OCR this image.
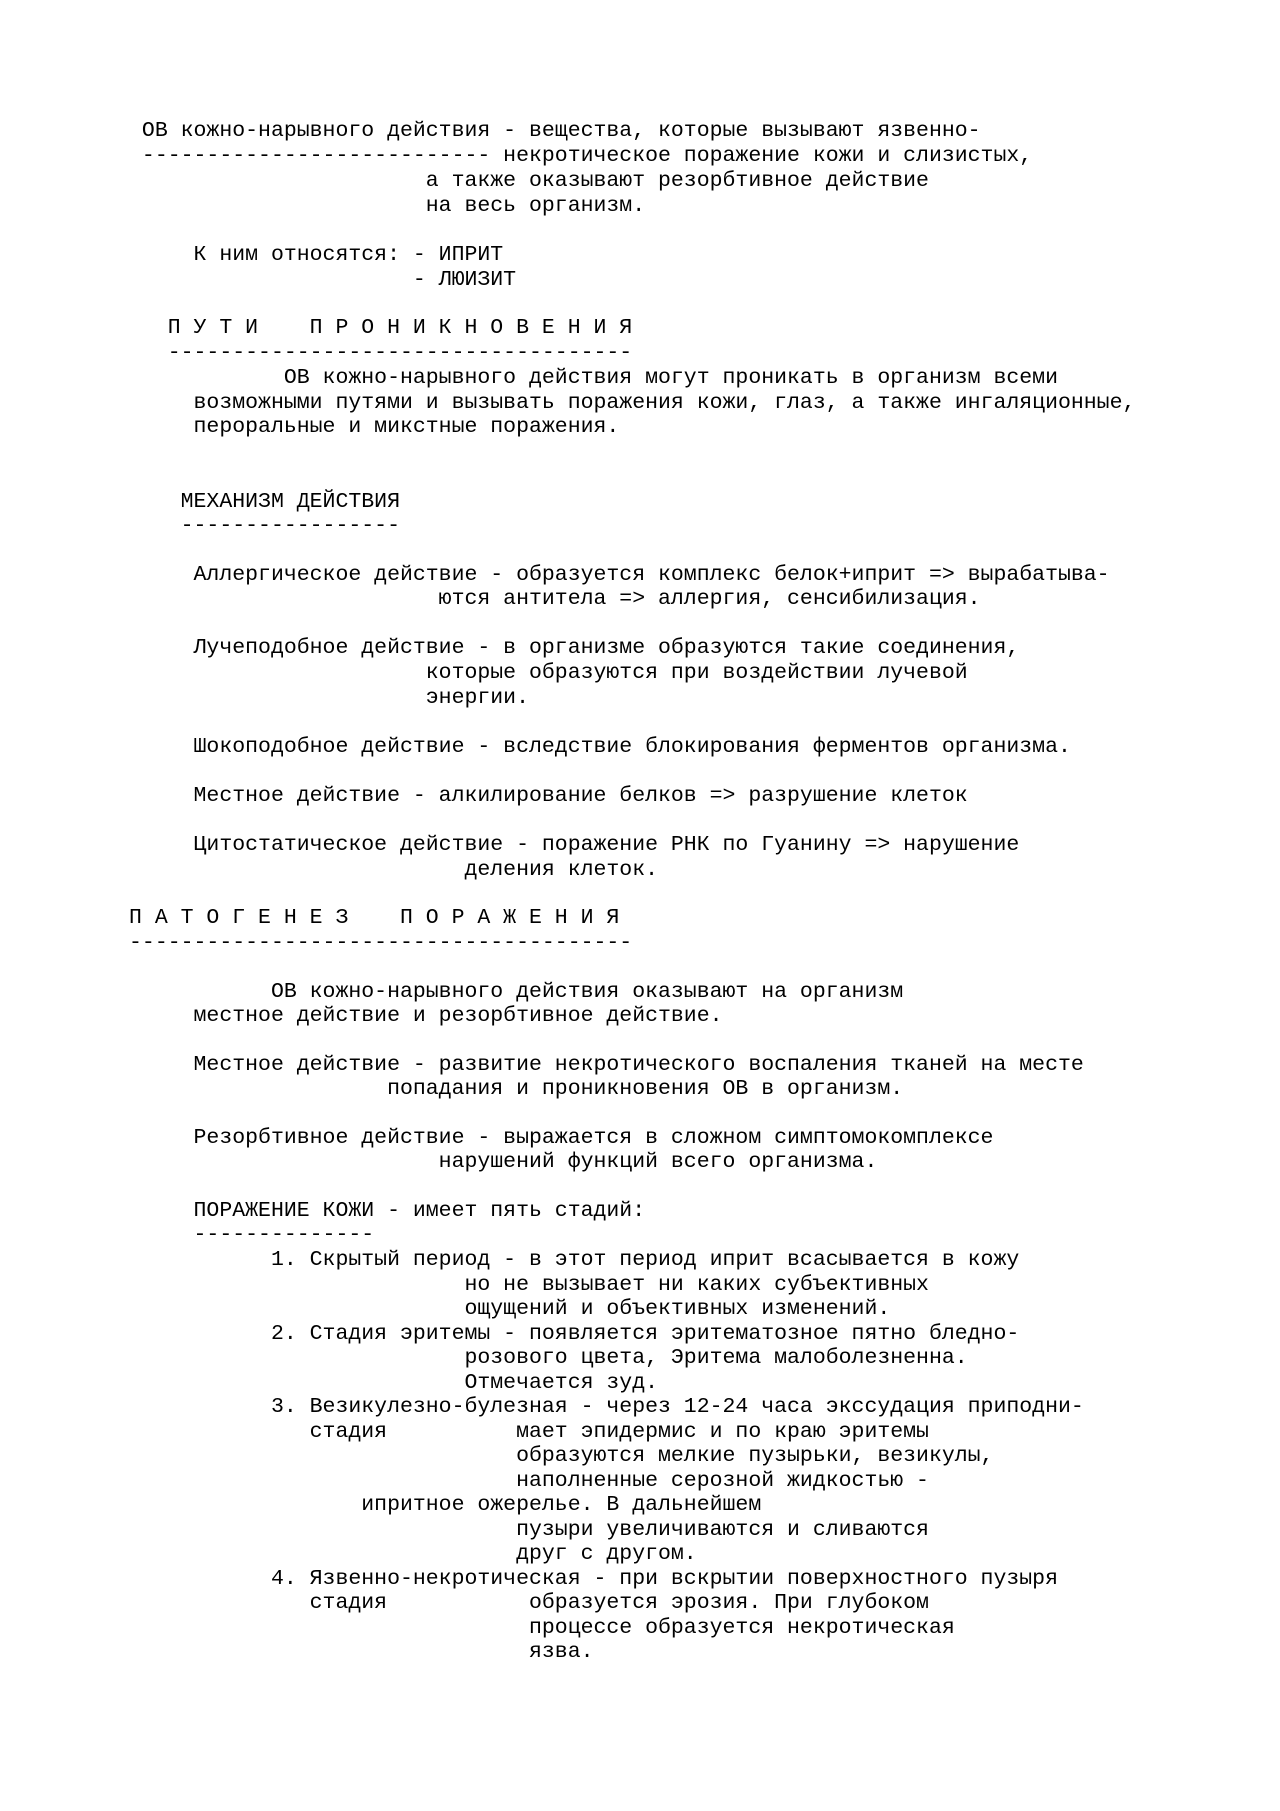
ОВ кожно-нарывного действия - вещества, которые вызывают язвенно-
--------------------------- некротическое поражение кожи и слизистых,
а также оказывают резорбтивное действие
на весь организм.
К ним относятся: - ИПРИТ
- ЛЮИЗИТ
П У Т И    П Р О Н И К Н О В Е Н И Я
------------------------------------
ОВ кожно-нарывного действия могут проникать в организм всеми
возможными путями и вызывать поражения кожи, глаз, а также ингаляционные,
пероральные и микстные поражения.
МЕХАНИЗМ ДЕЙСТВИЯ
-----------------
Аллергическое действие - образуется комплекс белок+иприт => вырабатыва-
ются антитела => аллергия, сенсибилизация.
Лучеподобное действие - в организме образуются такие соединения,
которые образуются при воздействии лучевой
энергии.
Шокоподобное действие - вследствие блокирования ферментов организма.
Местное действие - алкилирование белков => разрушение клеток
Цитостатическое действие - поражение РНК по Гуанину => нарушение
деления клеток.
П А Т О Г Е Н Е З    П О Р А Ж Е Н И Я
---------------------------------------
ОВ кожно-нарывного действия оказывают на организм
местное действие и резорбтивное действие.
Местное действие - развитие некротического воспаления тканей на месте
попадания и проникновения ОВ в организм.
Резорбтивное действие - выражается в сложном симптомокомплексе
нарушений функций всего организма.
ПОРАЖЕНИЕ КОЖИ - имеет пять стадий:
--------------
1. Скрытый период - в этот период иприт всасывается в кожу
но не вызывает ни каких субъективных
ощущений и объективных изменений.
2. Стадия эритемы - появляется эритематозное пятно бледно-
розового цвета, Эритема малоболезненна.
Отмечается зуд.
3. Везикулезно-булезная - через 12-24 часа экссудация приподни-
стадия          мает эпидермис и по краю эритемы
образуются мелкие пузырьки, везикулы,
наполненные серозной жидкостью -
ипритное ожерелье. В дальнейшем
пузыри увеличиваются и сливаются
друг с другом.
4. Язвенно-некротическая - при вскрытии поверхностного пузыря
стадия           образуется эрозия. При глубоком
процессе образуется некротическая
язва.
